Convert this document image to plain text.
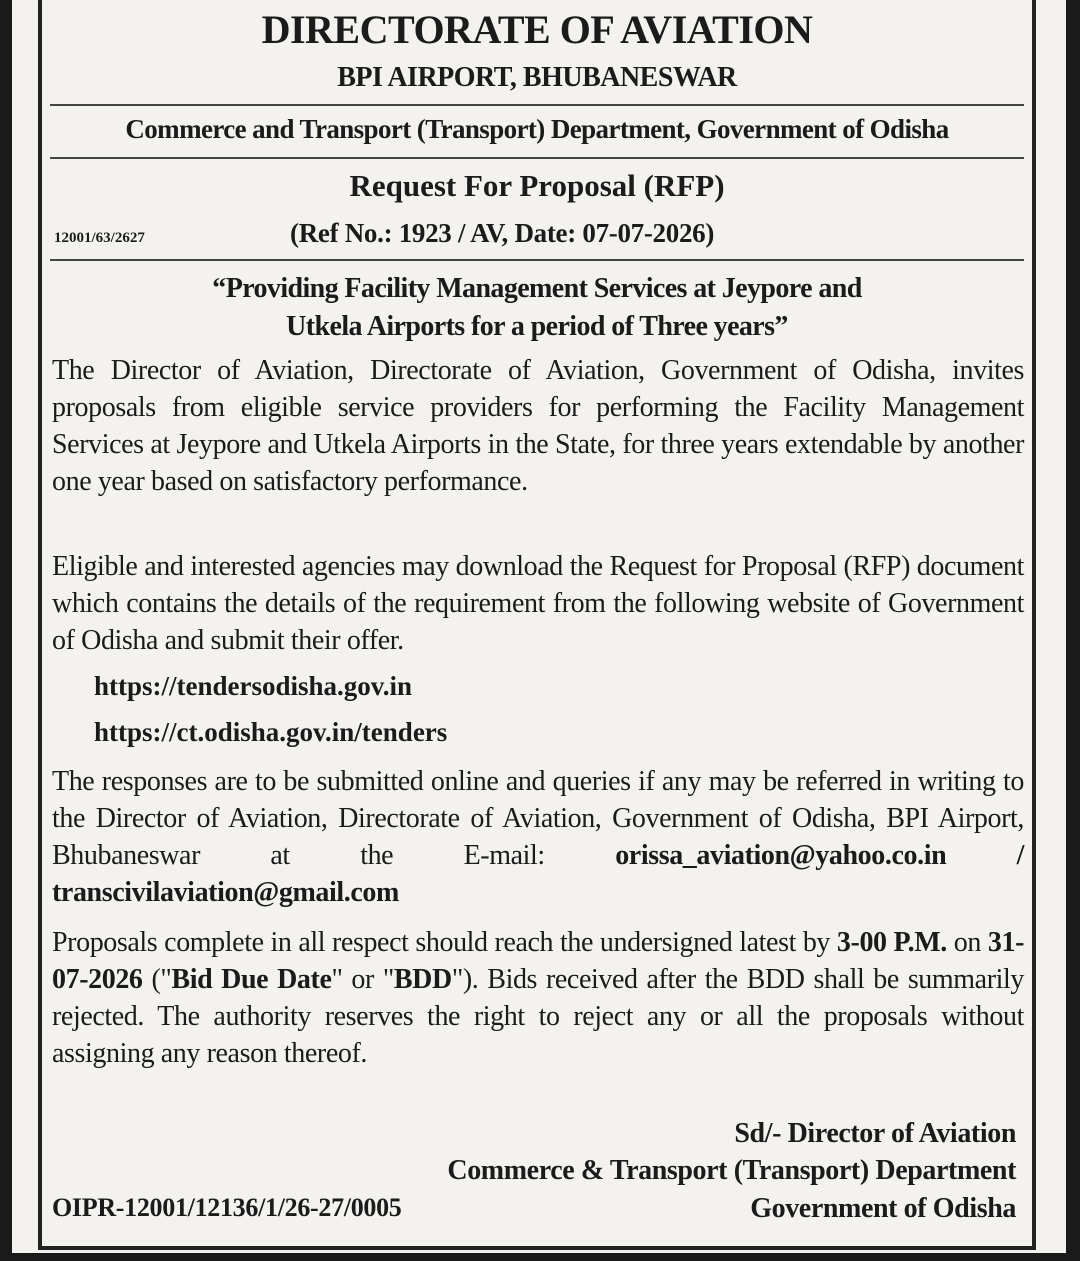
DIRECTORATE OF AVIATION
BPI AIRPORT, BHUBANESWAR
Commerce and Transport (Transport) Department, Government of Odisha
Request For Proposal (RFP)
12001/63/2627	(Ref No.: 1923 / AV, Date: 07-07-2026)
“Providing Facility Management Services at Jeypore and
Utkela Airports for a period of Three years”
The Director of Aviation, Directorate of Aviation, Government of Odisha, invites proposals from eligible service providers for performing the Facility Management Services at Jeypore and Utkela Airports in the State, for three years extendable by another one year based on satisfactory performance.
Eligible and interested agencies may download the Request for Proposal (RFP) document which contains the details of the requirement from the following website of Government of Odisha and submit their offer.
https://tendersodisha.gov.in
https://ct.odisha.gov.in/tenders
The responses are to be submitted online and queries if any may be referred in writing to the Director of Aviation, Directorate of Aviation, Government of Odisha, BPI Airport, Bhubaneswar at the E-mail:	orissa_aviation@yahoo.co.in / transcivilaviation@gmail.com
Proposals complete in all respect should reach the undersigned latest by 3-00 P.M. on 31-07-2026 ("Bid Due Date" or "BDD"). Bids received after the BDD shall be summarily rejected. The authority reserves the right to reject any or all the proposals without assigning any reason thereof.
Sd/- Director of Aviation
Commerce & Transport (Transport) Department
Government of Odisha
OIPR-12001/12136/1/26-27/0005
